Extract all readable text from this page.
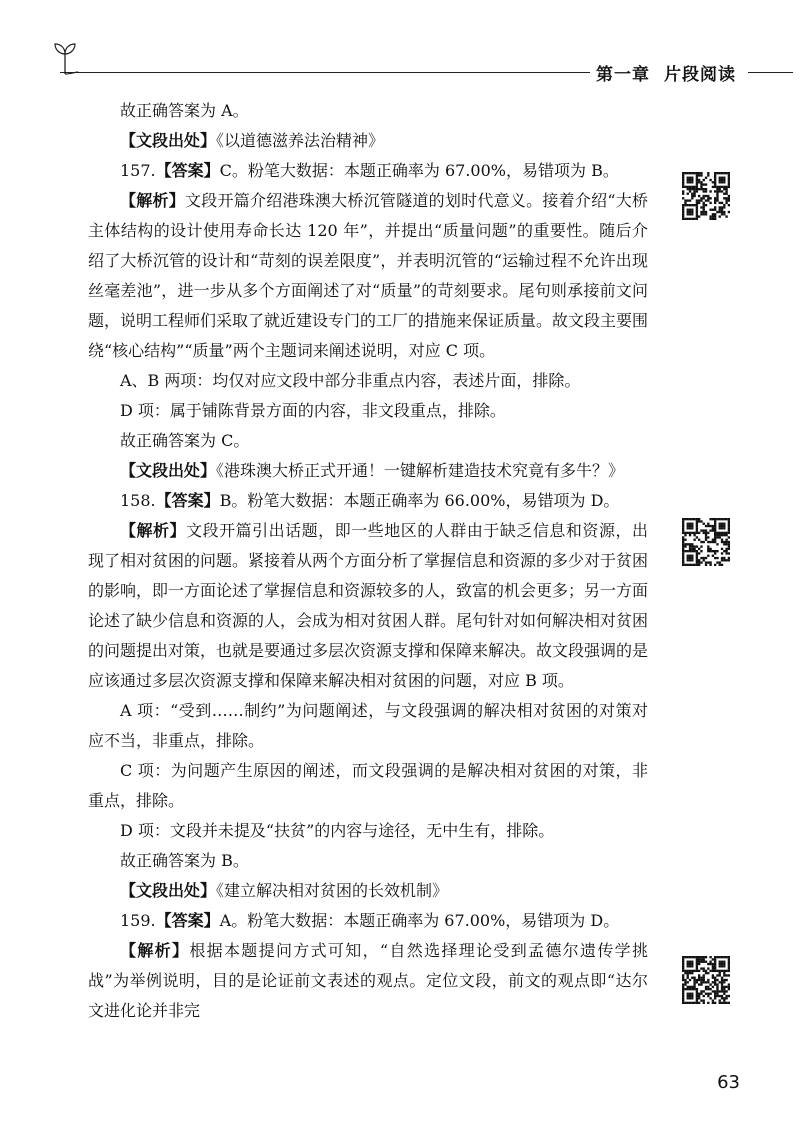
第一章 片段阅读

故正确答案为 A。

【文段出处】《以道德滋养法治精神》

157.【答案】C。粉笔大数据：本题正确率为 67.00%，易错项为 B。

【解析】文段开篇介绍港珠澳大桥沉管隧道的划时代意义。接着介绍“大桥主体结构的设计使用寿命长达 120 年”，并提出“质量问题”的重要性。随后介绍了大桥沉管的设计和“苛刻的误差限度”，并表明沉管的“运输过程不允许出现丝毫差池”，进一步从多个方面阐述了对“质量”的苛刻要求。尾句则承接前文问题，说明工程师们采取了就近建设专门的工厂的措施来保证质量。故文段主要围绕“核心结构”“质量”两个主题词来阐述说明，对应 C 项。

A、B 两项：均仅对应文段中部分非重点内容，表述片面，排除。

D 项：属于铺陈背景方面的内容，非文段重点，排除。

故正确答案为 C。

【文段出处】《港珠澳大桥正式开通！一键解析建造技术究竟有多牛？》

158.【答案】B。粉笔大数据：本题正确率为 66.00%，易错项为 D。

【解析】文段开篇引出话题，即一些地区的人群由于缺乏信息和资源，出现了相对贫困的问题。紧接着从两个方面分析了掌握信息和资源的多少对于贫困的影响，即一方面论述了掌握信息和资源较多的人，致富的机会更多；另一方面论述了缺少信息和资源的人，会成为相对贫困人群。尾句针对如何解决相对贫困的问题提出对策，也就是要通过多层次资源支撑和保障来解决。故文段强调的是应该通过多层次资源支撑和保障来解决相对贫困的问题，对应 B 项。

A 项：“受到……制约”为问题阐述，与文段强调的解决相对贫困的对策对应不当，非重点，排除。

C 项：为问题产生原因的阐述，而文段强调的是解决相对贫困的对策，非重点，排除。

D 项：文段并未提及“扶贫”的内容与途径，无中生有，排除。

故正确答案为 B。

【文段出处】《建立解决相对贫困的长效机制》

159.【答案】A。粉笔大数据：本题正确率为 67.00%，易错项为 D。

【解析】根据本题提问方式可知，“自然选择理论受到孟德尔遗传学挑战”为举例说明，目的是论证前文表述的观点。定位文段，前文的观点即“达尔文进化论并非完

63
